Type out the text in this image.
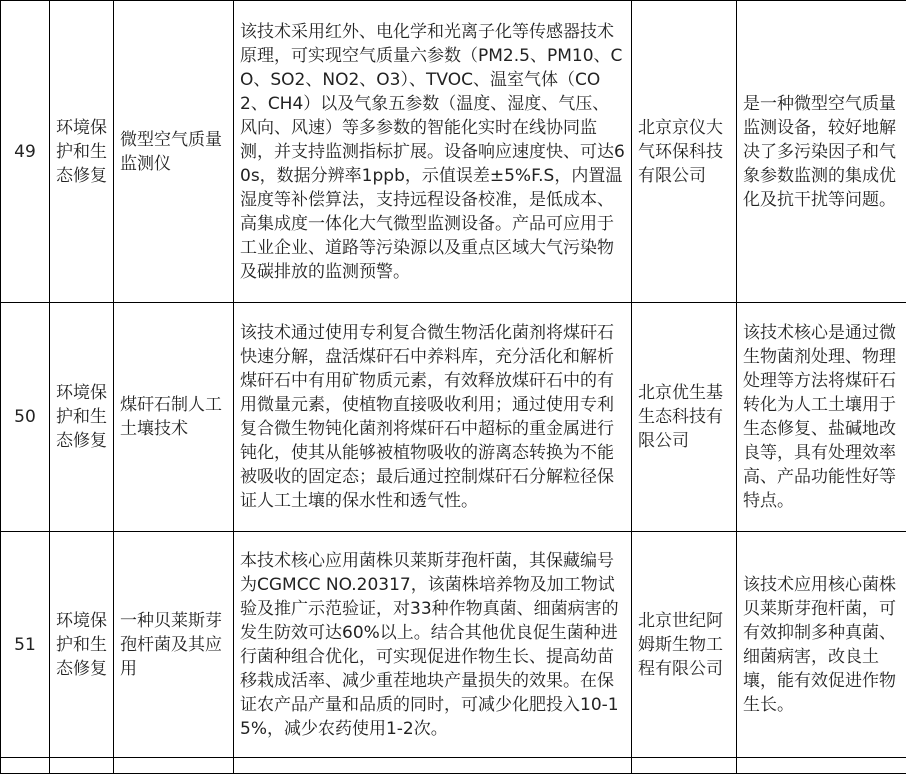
49	环境保护和生态修复	微型空气质量监测仪	该技术采用红外、电化学和光离子化等传感器技术原理，可实现空气质量六参数（PM2.5、PM10、CO、SO2、NO2、O3）、TVOC、温室气体（CO2、CH4）以及气象五参数（温度、湿度、气压、风向、风速）等多参数的智能化实时在线协同监测，并支持监测指标扩展。设备响应速度快、可达60s，数据分辨率1ppb，示值误差±5%F.S，内置温湿度等补偿算法，支持远程设备校准，是低成本、高集成度一体化大气微型监测设备。产品可应用于工业企业、道路等污染源以及重点区域大气污染物及碳排放的监测预警。	北京京仪大气环保科技有限公司	是一种微型空气质量监测设备，较好地解决了多污染因子和气象参数监测的集成优化及抗干扰等问题。
50	环境保护和生态修复	煤矸石制人工土壤技术	该技术通过使用专利复合微生物活化菌剂将煤矸石快速分解，盘活煤矸石中养料库，充分活化和解析煤矸石中有用矿物质元素，有效释放煤矸石中的有用微量元素，使植物直接吸收利用；通过使用专利复合微生物钝化菌剂将煤矸石中超标的重金属进行钝化，使其从能够被植物吸收的游离态转换为不能被吸收的固定态；最后通过控制煤矸石分解粒径保证人工土壤的保水性和透气性。	北京优生基生态科技有限公司	该技术核心是通过微生物菌剂处理、物理处理等方法将煤矸石转化为人工土壤用于生态修复、盐碱地改良等，具有处理效率高、产品功能性好等特点。
51	环境保护和生态修复	一种贝莱斯芽孢杆菌及其应用	本技术核心应用菌株贝莱斯芽孢杆菌，其保藏编号为CGMCC NO.20317，该菌株培养物及加工物试验及推广示范验证，对33种作物真菌、细菌病害的发生防效可达60%以上。结合其他优良促生菌种进行菌种组合优化，可实现促进作物生长、提高幼苗移栽成活率、减少重茬地块产量损失的效果。在保证农产品产量和品质的同时，可减少化肥投入10-15%，减少农药使用1-2次。	北京世纪阿姆斯生物工程有限公司	该技术应用核心菌株贝莱斯芽孢杆菌，可有效抑制多种真菌、细菌病害，改良土壤，能有效促进作物生长。
